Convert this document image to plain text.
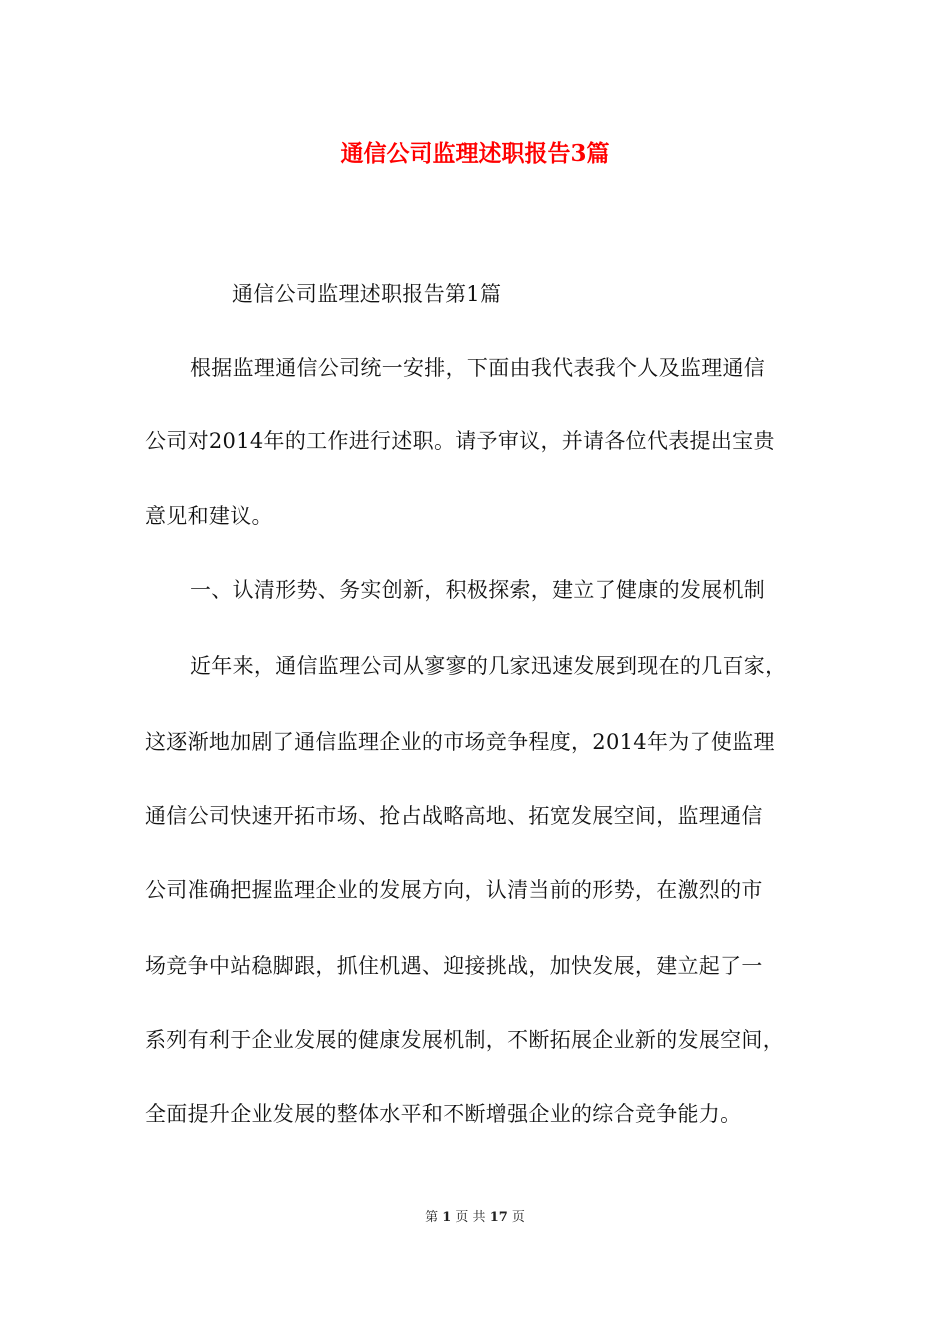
通信公司监理述职报告3篇
通信公司监理述职报告第1篇
根据监理通信公司统一安排，下面由我代表我个人及监理通信
公司对2014年的工作进行述职。请予审议，并请各位代表提出宝贵
意见和建议。
一、认清形势、务实创新，积极探索，建立了健康的发展机制
近年来，通信监理公司从寥寥的几家迅速发展到现在的几百家，
这逐渐地加剧了通信监理企业的市场竞争程度，2014年为了使监理
通信公司快速开拓市场、抢占战略高地、拓宽发展空间，监理通信
公司准确把握监理企业的发展方向，认清当前的形势，在激烈的市
场竞争中站稳脚跟，抓住机遇、迎接挑战，加快发展，建立起了一
系列有利于企业发展的健康发展机制，不断拓展企业新的发展空间，
全面提升企业发展的整体水平和不断增强企业的综合竞争能力。
第 1 页 共 17 页
